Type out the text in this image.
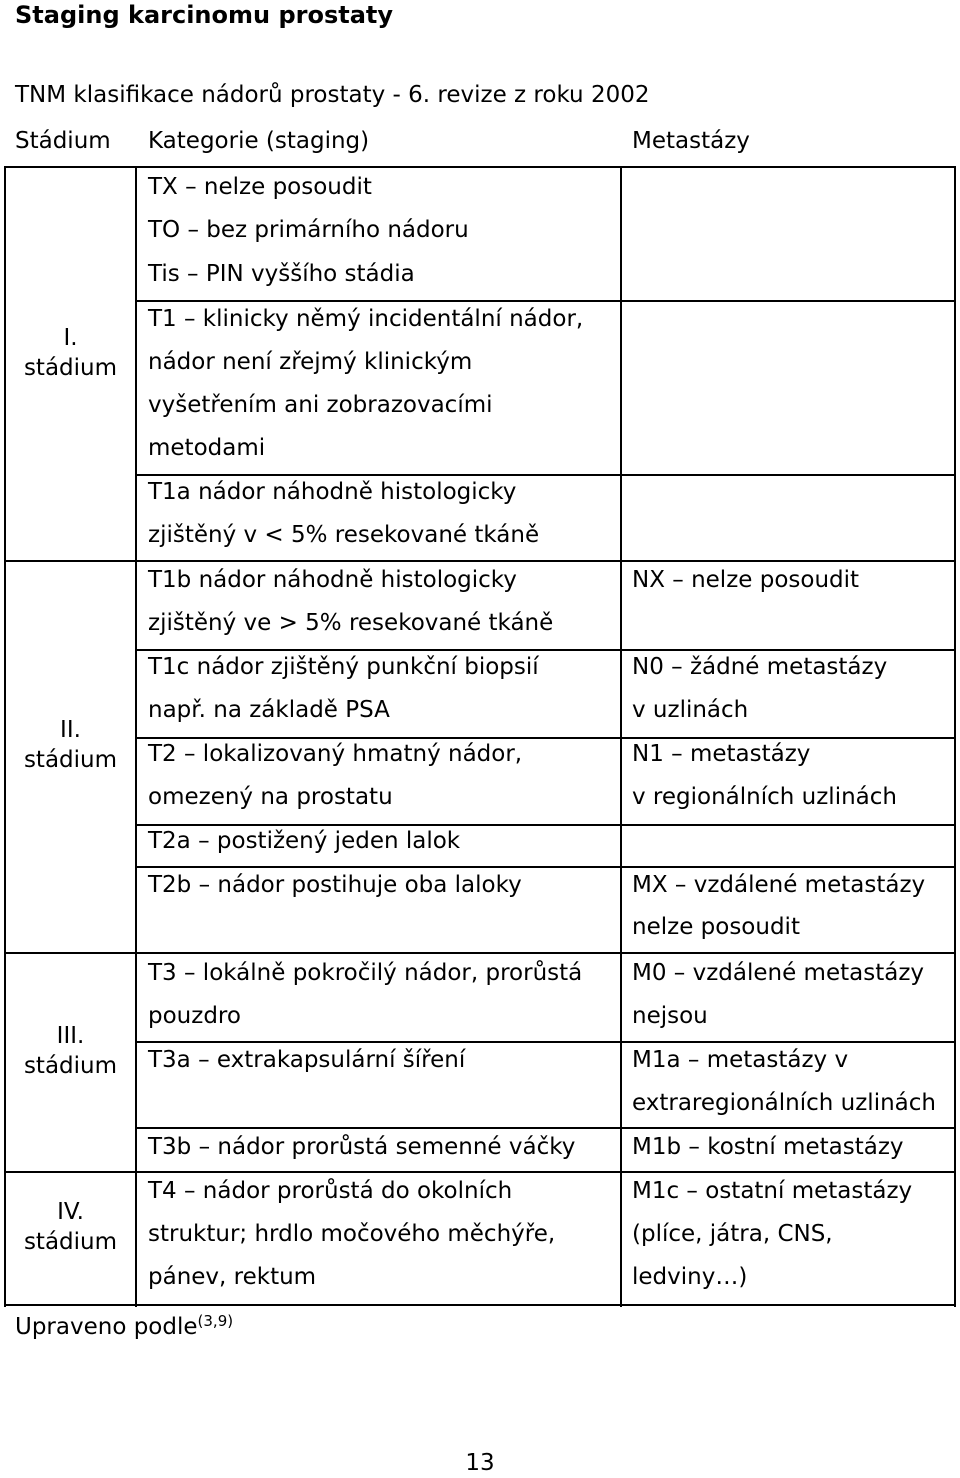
Staging karcinomu prostaty
TNM klasifikace nádorů prostaty - 6. revize z roku 2002
Stádium Kategorie (staging)	Metastázy
I.
stádium
II.
stádium
III.
stádium
IV.
stádium
TX – nelze posoudit
TO – bez primárního nádoru
Tis – PIN vyššího stádia
T1 – klinicky němý incidentální nádor,
nádor není zřejmý klinickým
vyšetřením ani zobrazovacími
metodami
T1a nádor náhodně histologicky
zjištěný v < 5% resekované tkáně
T1b nádor náhodně histologicky
zjištěný ve > 5% resekované tkáně
T1c nádor zjištěný punkční biopsií
např. na základě PSA
T2 – lokalizovaný hmatný nádor,
omezený na prostatu
T2a – postižený jeden lalok
T2b – nádor postihuje oba laloky
T3 – lokálně pokročilý nádor, prorůstá
pouzdro
T3a – extrakapsulární šíření
T3b – nádor prorůstá semenné váčky
T4 – nádor prorůstá do okolních
struktur; hrdlo močového měchýře,
pánev, rektum
NX – nelze posoudit
N0 – žádné metastázy
v uzlinách
N1 – metastázy
v regionálních uzlinách
MX – vzdálené metastázy
nelze posoudit
M0 – vzdálené metastázy
nejsou
M1a – metastázy v
extraregionálních uzlinách
M1b – kostní metastázy
M1c – ostatní metastázy
(plíce, játra, CNS,
ledviny…)
Upraveno podle$^{(3,9)}$
13
